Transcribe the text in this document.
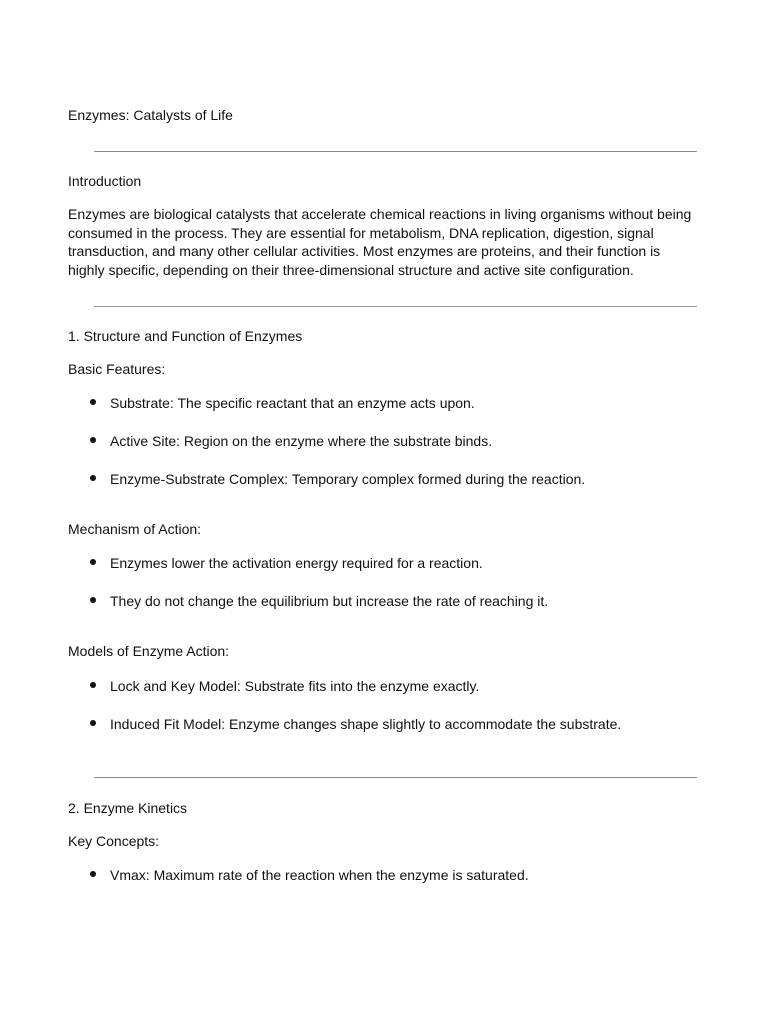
Enzymes: Catalysts of Life

Introduction

Enzymes are biological catalysts that accelerate chemical reactions in living organisms without being consumed in the process. They are essential for metabolism, DNA replication, digestion, signal transduction, and many other cellular activities. Most enzymes are proteins, and their function is highly specific, depending on their three-dimensional structure and active site configuration.

1. Structure and Function of Enzymes

Basic Features:

Substrate: The specific reactant that an enzyme acts upon.
Active Site: Region on the enzyme where the substrate binds.
Enzyme-Substrate Complex: Temporary complex formed during the reaction.

Mechanism of Action:

Enzymes lower the activation energy required for a reaction.
They do not change the equilibrium but increase the rate of reaching it.

Models of Enzyme Action:

Lock and Key Model: Substrate fits into the enzyme exactly.
Induced Fit Model: Enzyme changes shape slightly to accommodate the substrate.

2. Enzyme Kinetics

Key Concepts:

Vmax: Maximum rate of the reaction when the enzyme is saturated.
